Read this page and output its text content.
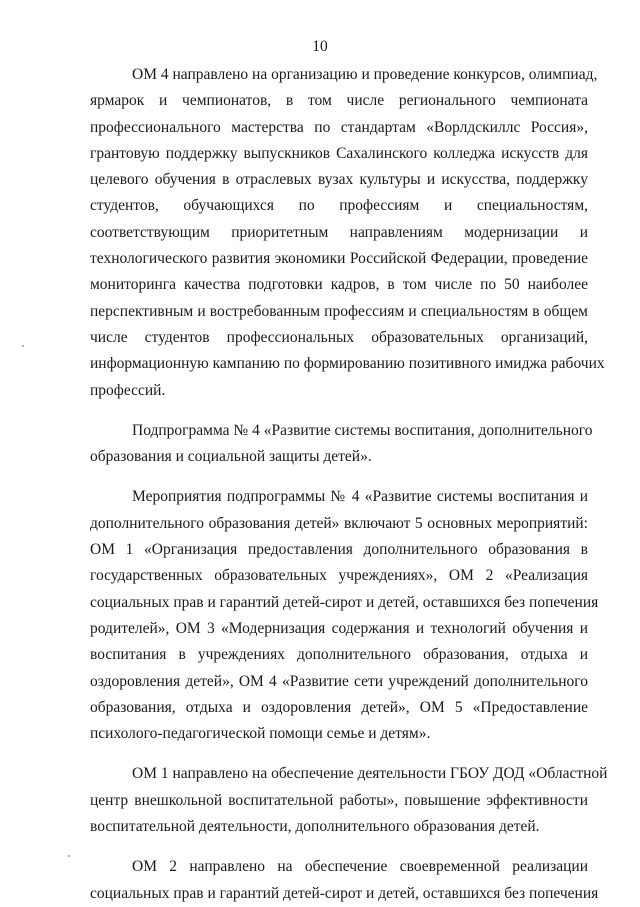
10
ОМ 4 направлено на организацию и проведение конкурсов, олимпиад,
ярмарок и чемпионатов, в том числе регионального чемпионата
профессионального мастерства по стандартам «Ворлдскиллс Россия»,
грантовую поддержку выпускников Сахалинского колледжа искусств для
целевого обучения в отраслевых вузах культуры и искусства, поддержку
студентов, обучающихся по профессиям и специальностям,
соответствующим приоритетным направлениям модернизации и
технологического развития экономики Российской Федерации, проведение
мониторинга качества подготовки кадров, в том числе по 50 наиболее
перспективным и востребованным профессиям и специальностям в общем
числе студентов профессиональных образовательных организаций,
информационную кампанию по формированию позитивного имиджа рабочих
профессий.
Подпрограмма № 4 «Развитие системы воспитания, дополнительного
образования и социальной защиты детей».
Мероприятия подпрограммы № 4 «Развитие системы воспитания и
дополнительного образования детей» включают 5 основных мероприятий:
ОМ 1 «Организация предоставления дополнительного образования в
государственных образовательных учреждениях», ОМ 2 «Реализация
социальных прав и гарантий детей-сирот и детей, оставшихся без попечения
родителей», ОМ 3 «Модернизация содержания и технологий обучения и
воспитания в учреждениях дополнительного образования, отдыха и
оздоровления детей», ОМ 4 «Развитие сети учреждений дополнительного
образования, отдыха и оздоровления детей», ОМ 5 «Предоставление
психолого-педагогической помощи семье и детям».
ОМ 1 направлено на обеспечение деятельности ГБОУ ДОД «Областной
центр внешкольной воспитательной работы», повышение эффективности
воспитательной деятельности, дополнительного образования детей.
ОМ 2 направлено на обеспечение своевременной реализации
социальных прав и гарантий детей-сирот и детей, оставшихся без попечения
